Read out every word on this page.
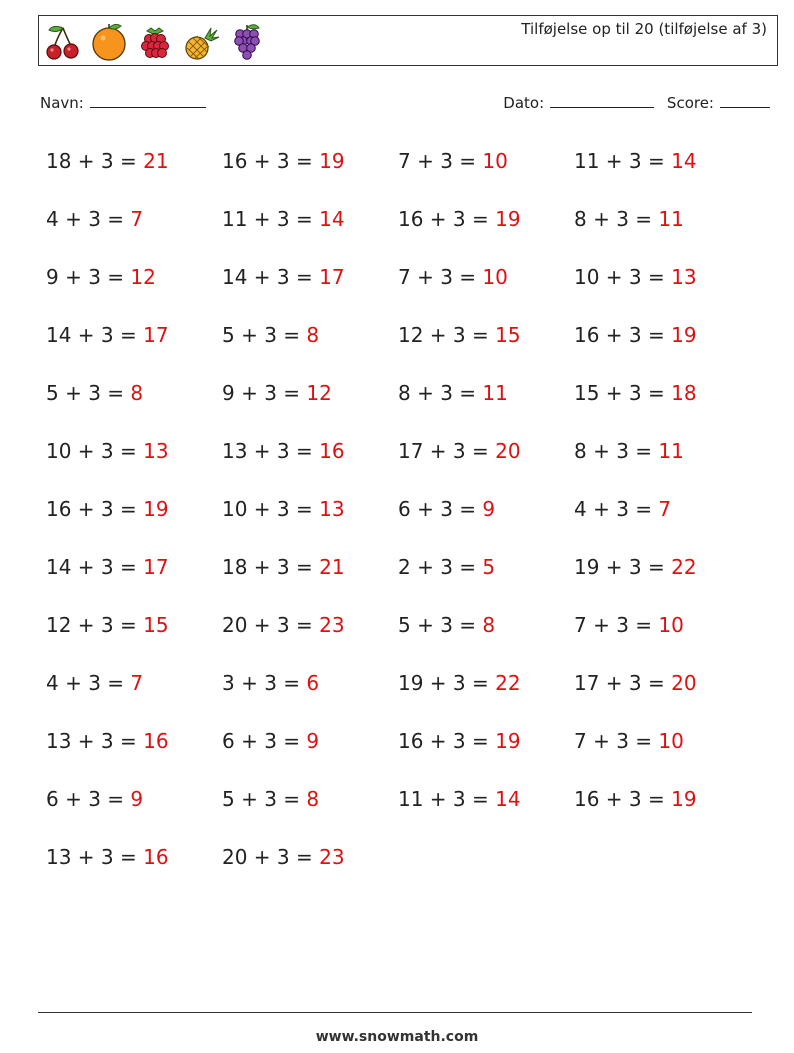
Tilføjelse op til 20 (tilføjelse af 3)
Navn:	Dato:	Score:
18 + 3 = 21	16 + 3 = 19	7 + 3 = 10	11 + 3 = 14
4 + 3 = 7	11 + 3 = 14	16 + 3 = 19	8 + 3 = 11
9 + 3 = 12	14 + 3 = 17	7 + 3 = 10	10 + 3 = 13
14 + 3 = 17	5 + 3 = 8	12 + 3 = 15	16 + 3 = 19
5 + 3 = 8	9 + 3 = 12	8 + 3 = 11	15 + 3 = 18
10 + 3 = 13	13 + 3 = 16	17 + 3 = 20	8 + 3 = 11
16 + 3 = 19	10 + 3 = 13	6 + 3 = 9	4 + 3 = 7
14 + 3 = 17	18 + 3 = 21	2 + 3 = 5	19 + 3 = 22
12 + 3 = 15	20 + 3 = 23	5 + 3 = 8	7 + 3 = 10
4 + 3 = 7	3 + 3 = 6	19 + 3 = 22	17 + 3 = 20
13 + 3 = 16	6 + 3 = 9	16 + 3 = 19	7 + 3 = 10
6 + 3 = 9	5 + 3 = 8	11 + 3 = 14	16 + 3 = 19
13 + 3 = 16	20 + 3 = 23
www.snowmath.com
